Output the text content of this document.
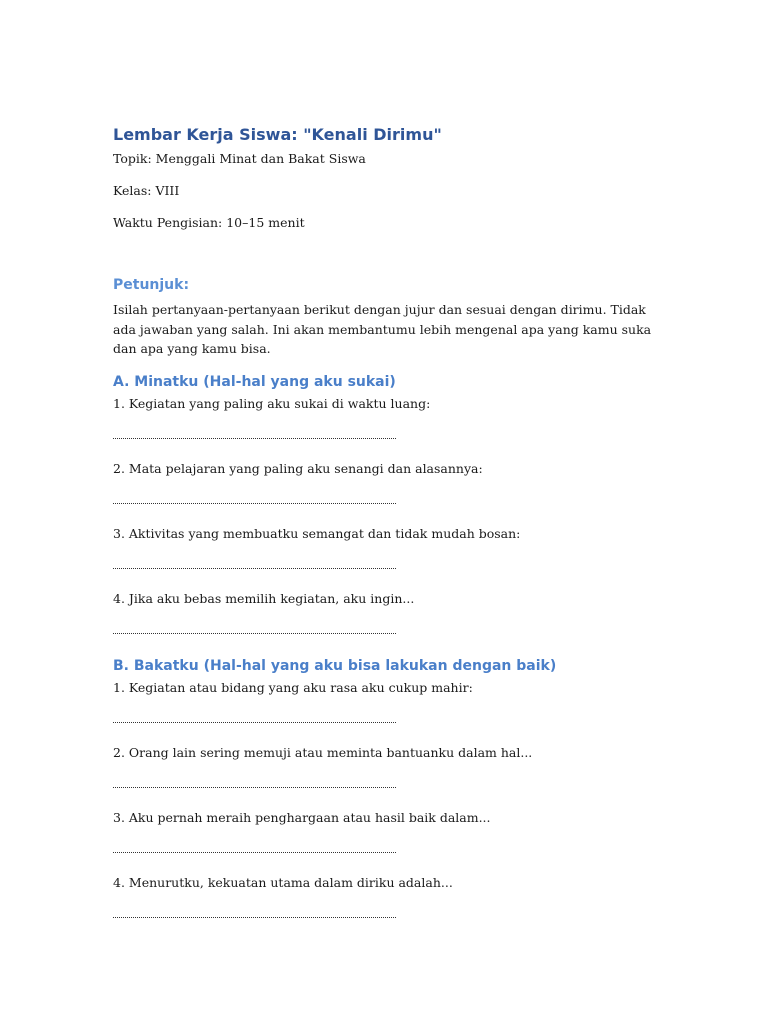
Lembar Kerja Siswa: "Kenali Dirimu"

Topik: Menggali Minat dan Bakat Siswa

Kelas: VIII

Waktu Pengisian: 10–15 menit

Petunjuk:

Isilah pertanyaan-pertanyaan berikut dengan jujur dan sesuai dengan dirimu. Tidak ada jawaban yang salah. Ini akan membantumu lebih mengenal apa yang kamu suka dan apa yang kamu bisa.

A. Minatku (Hal-hal yang aku sukai)

1. Kegiatan yang paling aku sukai di waktu luang:

2. Mata pelajaran yang paling aku senangi dan alasannya:

3. Aktivitas yang membuatku semangat dan tidak mudah bosan:

4. Jika aku bebas memilih kegiatan, aku ingin...

B. Bakatku (Hal-hal yang aku bisa lakukan dengan baik)

1. Kegiatan atau bidang yang aku rasa aku cukup mahir:

2. Orang lain sering memuji atau meminta bantuanku dalam hal...

3. Aku pernah meraih penghargaan atau hasil baik dalam...

4. Menurutku, kekuatan utama dalam diriku adalah...
